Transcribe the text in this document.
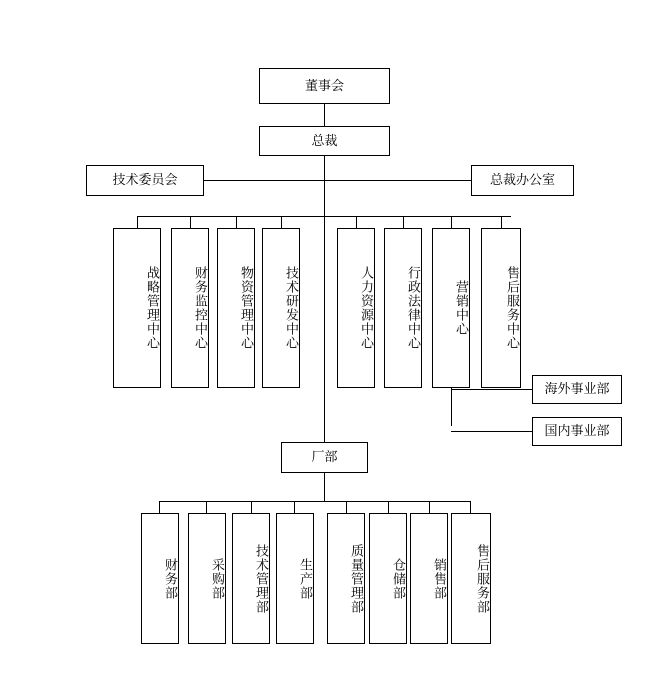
董事会
总裁
技术委员会	总裁办公室
战略管理中心	财务监控中心	物资管理中心	技术研发中心	人力资源中心	行政法律中心	营销中心	售后服务中心
海外事业部
国内事业部
厂部
财务部	采购部	技术管理部	生产部	质量管理部	仓储部	销售部	售后服务部
